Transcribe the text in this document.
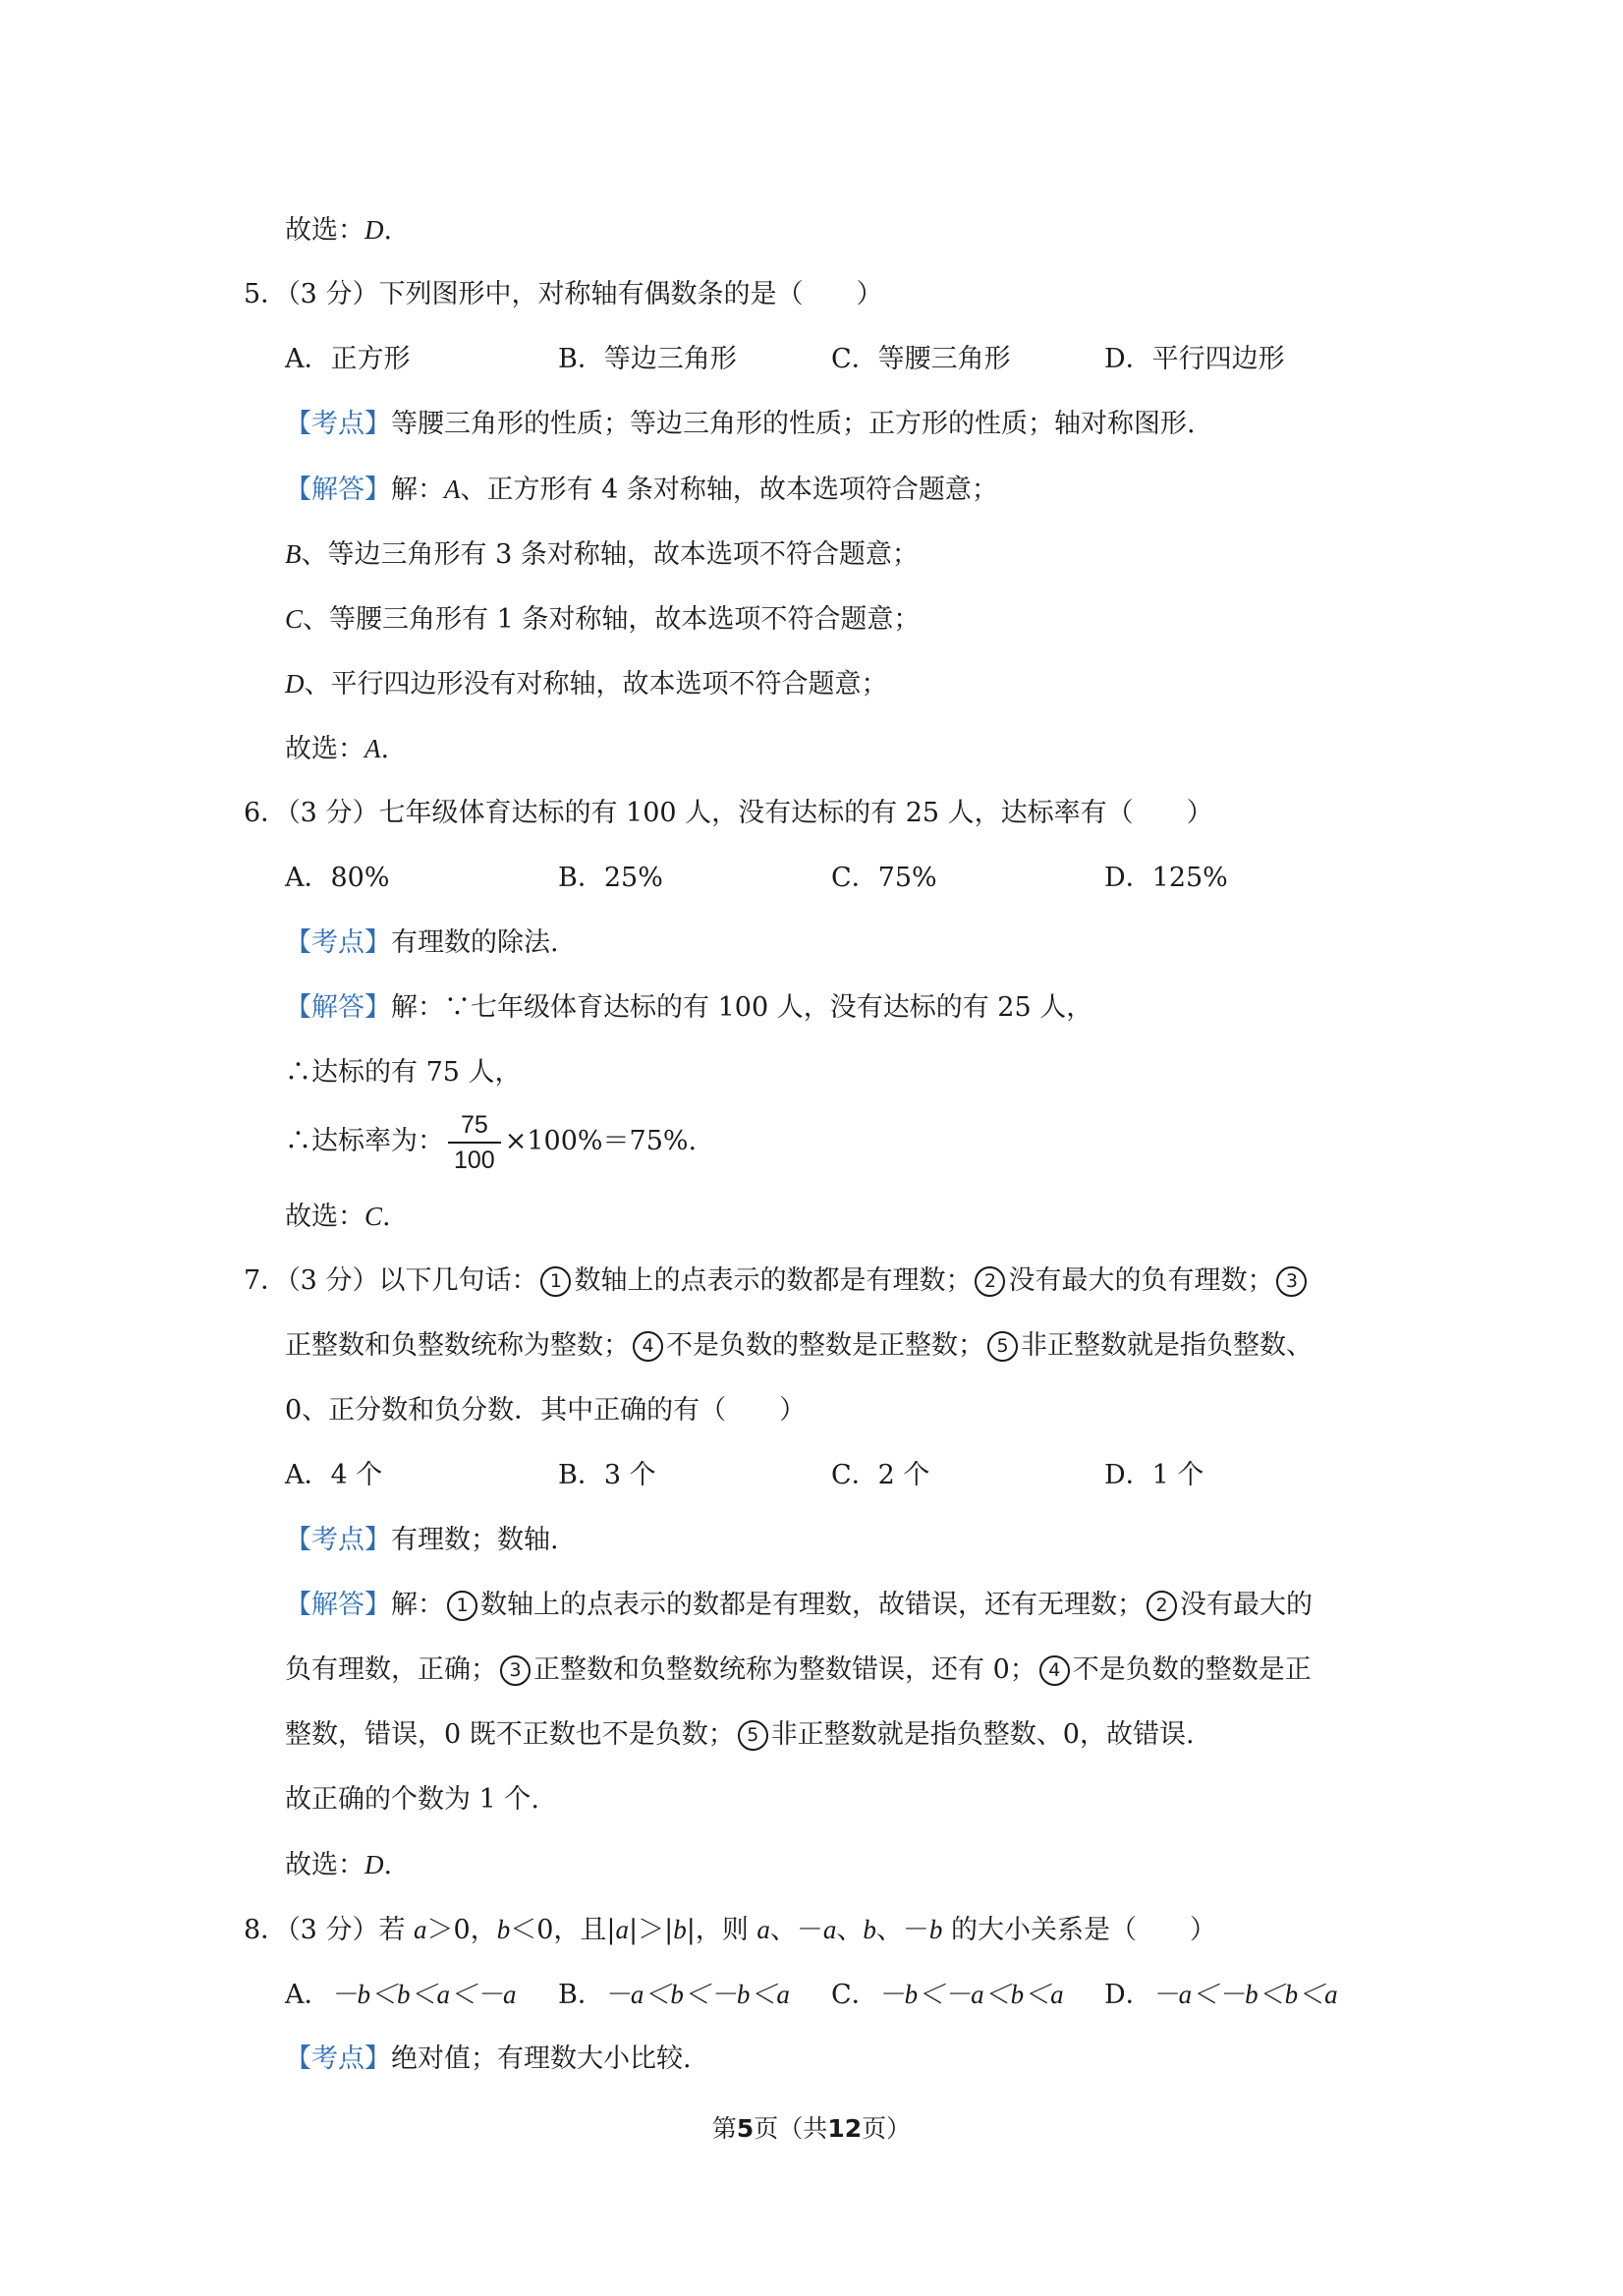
故选：D.
5．（3 分）下列图形中，对称轴有偶数条的是（　　）
A．正方形	B．等边三角形	C．等腰三角形	D．平行四边形
【考点】等腰三角形的性质；等边三角形的性质；正方形的性质；轴对称图形.
【解答】解：A、正方形有 4 条对称轴，故本选项符合题意；
B、等边三角形有 3 条对称轴，故本选项不符合题意；
C、等腰三角形有 1 条对称轴，故本选项不符合题意；
D、平行四边形没有对称轴，故本选项不符合题意；
故选：A.
6．（3 分）七年级体育达标的有 100 人，没有达标的有 25 人，达标率有（　　）
A．80%	B．25%	C．75%	D．125%
【考点】有理数的除法.
【解答】解：∵七年级体育达标的有 100 人，没有达标的有 25 人，
∴达标的有 75 人，
∴达标率为： $\frac{75}{100} \times 100\%=75\%$.
故选：C.
7．（3 分）以下几句话： 1 数轴上的点表示的数都是有理数； 2 没有最大的负有理数； 3
正整数和负整数统称为整数； 4 不是负数的整数是正整数； 5 非正整数就是指负整数、
0、正分数和负分数．其中正确的有（　　）
A．4 个	B．3 个	C．2 个	D．1 个
【考点】有理数；数轴.
【解答】解： 1 数轴上的点表示的数都是有理数，故错误，还有无理数； 2 没有最大的
负有理数，正确； 3 正整数和负整数统称为整数错误，还有 0； 4 不是负数的整数是正
整数，错误，0 既不正数也不是负数； 5 非正整数就是指负整数、0，故错误.
故正确的个数为 1 个.
故选：D.
8．（3 分）若 a＞0，b＜0，且|a|＞|b|，则 a、－a、b、－b 的大小关系是（　　）
A．－b＜b＜a＜－a	B．－a＜b＜－b＜a	C．－b＜－a＜b＜a	D．－a＜－b＜b＜a
【考点】绝对值；有理数大小比较.
第5页（共12页）
